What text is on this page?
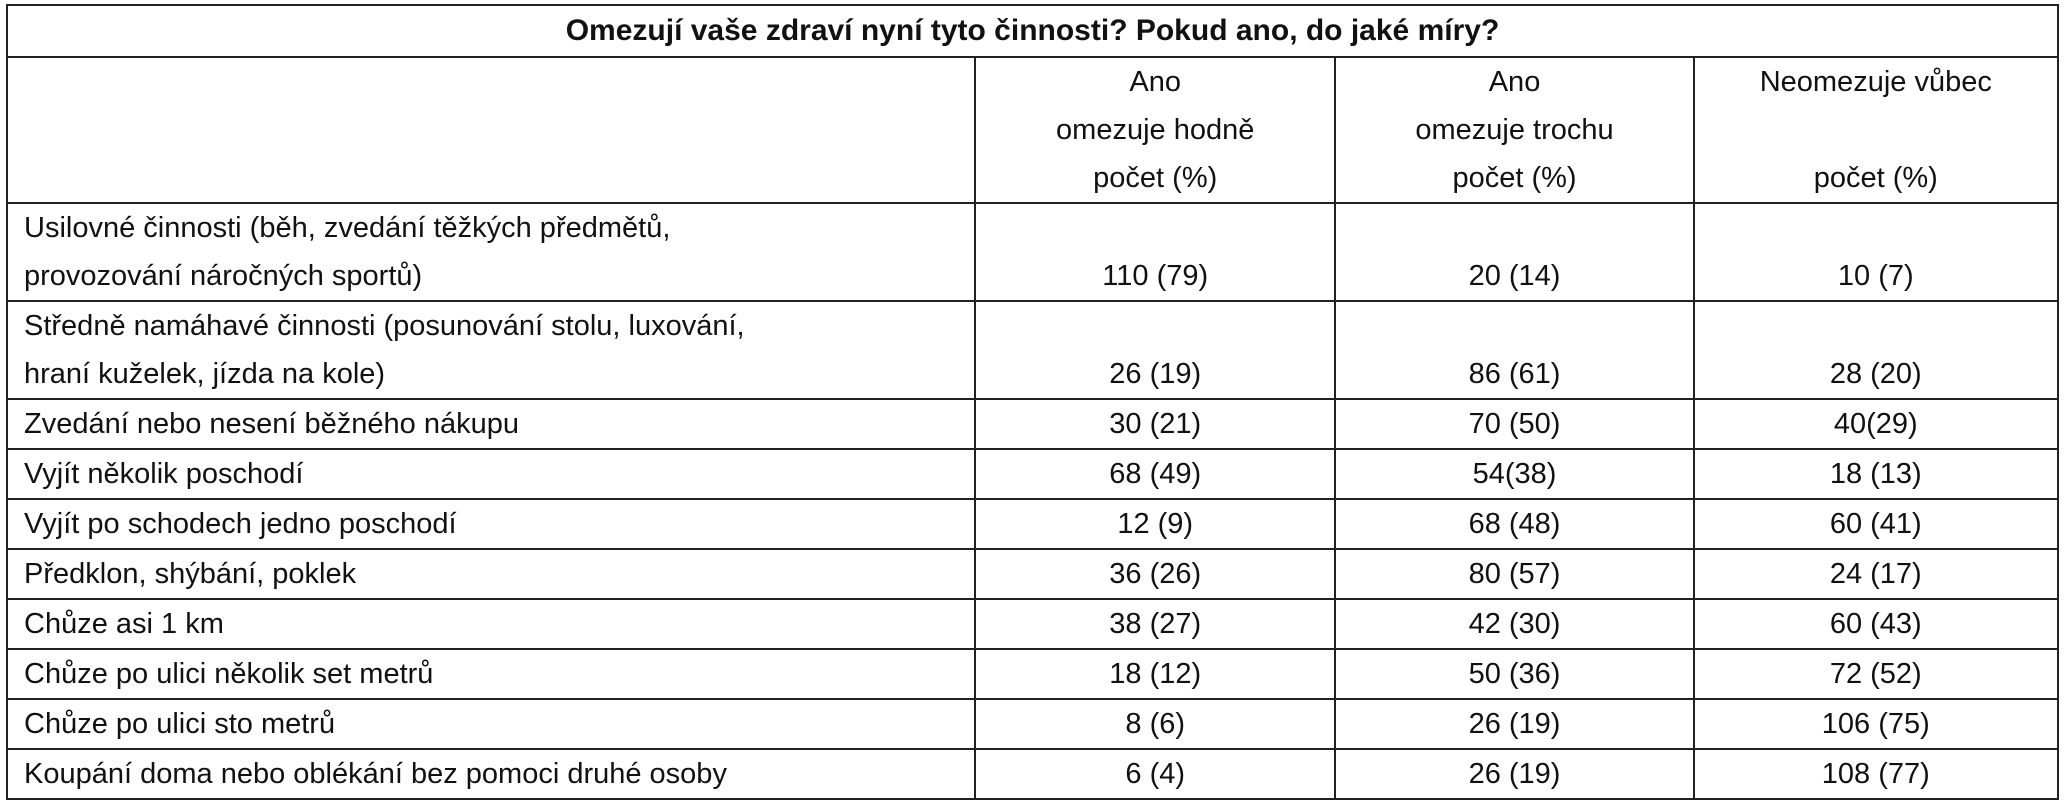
Omezují vaše zdraví nyní tyto činnosti? Pokud ano, do jaké míry?			

	Ano
omezuje hodně
počet (%)	Ano
omezuje trochu
počet (%)	Neomezuje vůbec
počet (%)

Usilovné činnosti (běh, zvedání těžkých předmětů,
provozování náročných sportů)	110 (79)	20 (14)	10 (7)

Středně namáhavé činnosti (posunování stolu, luxování,
hraní kuželek, jízda na kole)	26 (19)	86 (61)	28 (20)
Zvedání nebo nesení běžného nákupu	30 (21)	70 (50)	40(29)
Vyjít několik poschodí	68 (49)	54(38)	18 (13)
Vyjít po schodech jedno poschodí	12 (9)	68 (48)	60 (41)
Předklon, shýbání, poklek	36 (26)	80 (57)	24 (17)
Chůze asi 1 km	38 (27)	42 (30)	60 (43)
Chůze po ulici několik set metrů	18 (12)	50 (36)	72 (52)
Chůze po ulici sto metrů	8 (6)	26 (19)	106 (75)
Koupání doma nebo oblékání bez pomoci druhé osoby	6 (4)	26 (19)	108 (77)
